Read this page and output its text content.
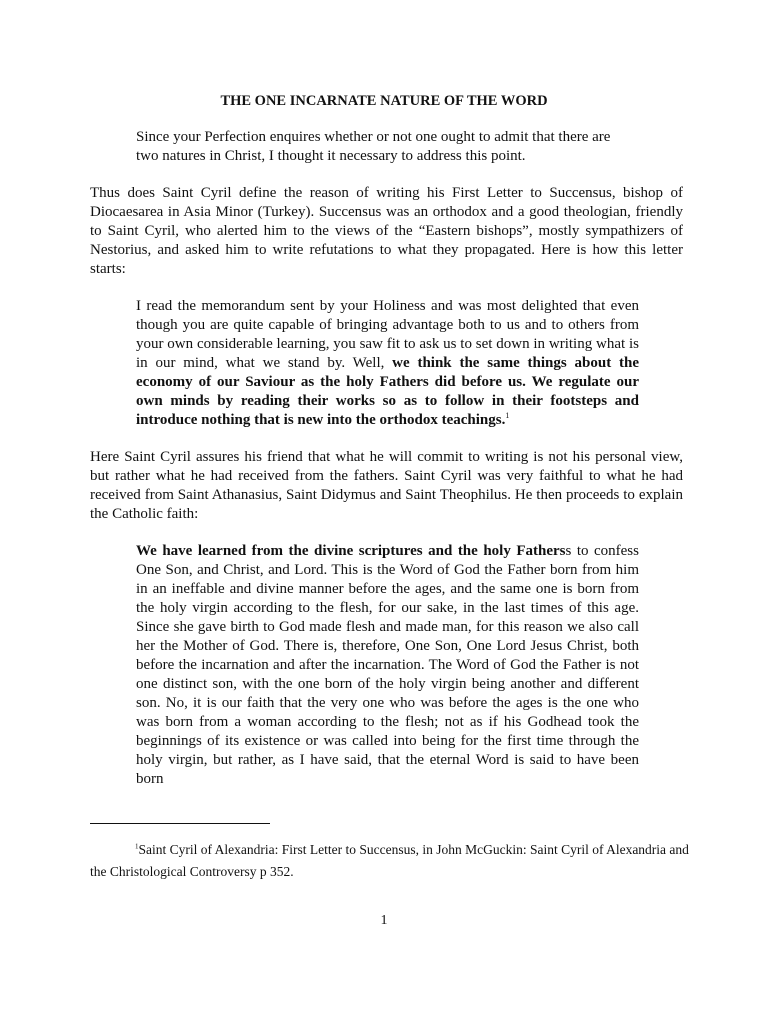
THE ONE INCARNATE NATURE OF THE WORD

Since your Perfection enquires whether or not one ought to admit that there are two natures in Christ, I thought it necessary to address this point.

Thus does Saint Cyril define the reason of writing his First Letter to Succensus, bishop of Diocaesarea in Asia Minor (Turkey). Succensus was an orthodox and a good theologian, friendly to Saint Cyril, who alerted him to the views of the “Eastern bishops”, mostly sympathizers of Nestorius, and asked him to write refutations to what they propagated. Here is how this letter starts:

I read the memorandum sent by your Holiness and was most delighted that even though you are quite capable of bringing advantage both to us and to others from your own considerable learning, you saw fit to ask us to set down in writing what is in our mind, what we stand by. Well, we think the same things about the economy of our Saviour as the holy Fathers did before us. We regulate our own minds by reading their works so as to follow in their footsteps and introduce nothing that is new into the orthodox teachings.$^1$

Here Saint Cyril assures his friend that what he will commit to writing is not his personal view, but rather what he had received from the fathers. Saint Cyril was very faithful to what he had received from Saint Athanasius, Saint Didymus and Saint Theophilus. He then proceeds to explain the Catholic faith:

We have learned from the divine scriptures and the holy Fatherss to confess One Son, and Christ, and Lord. This is the Word of God the Father born from him in an ineffable and divine manner before the ages, and the same one is born from the holy virgin according to the flesh, for our sake, in the last times of this age. Since she gave birth to God made flesh and made man, for this reason we also call her the Mother of God. There is, therefore, One Son, One Lord Jesus Christ, both before the incarnation and after the incarnation. The Word of God the Father is not one distinct son, with the one born of the holy virgin being another and different son. No, it is our faith that the very one who was before the ages is the one who was born from a woman according to the flesh; not as if his Godhead took the beginnings of its existence or was called into being for the first time through the holy virgin, but rather, as I have said, that the eternal Word is said to have been born

$^1$Saint Cyril of Alexandria: First Letter to Succensus, in John McGuckin: Saint Cyril of Alexandria and the Christological Controversy p 352.

1
